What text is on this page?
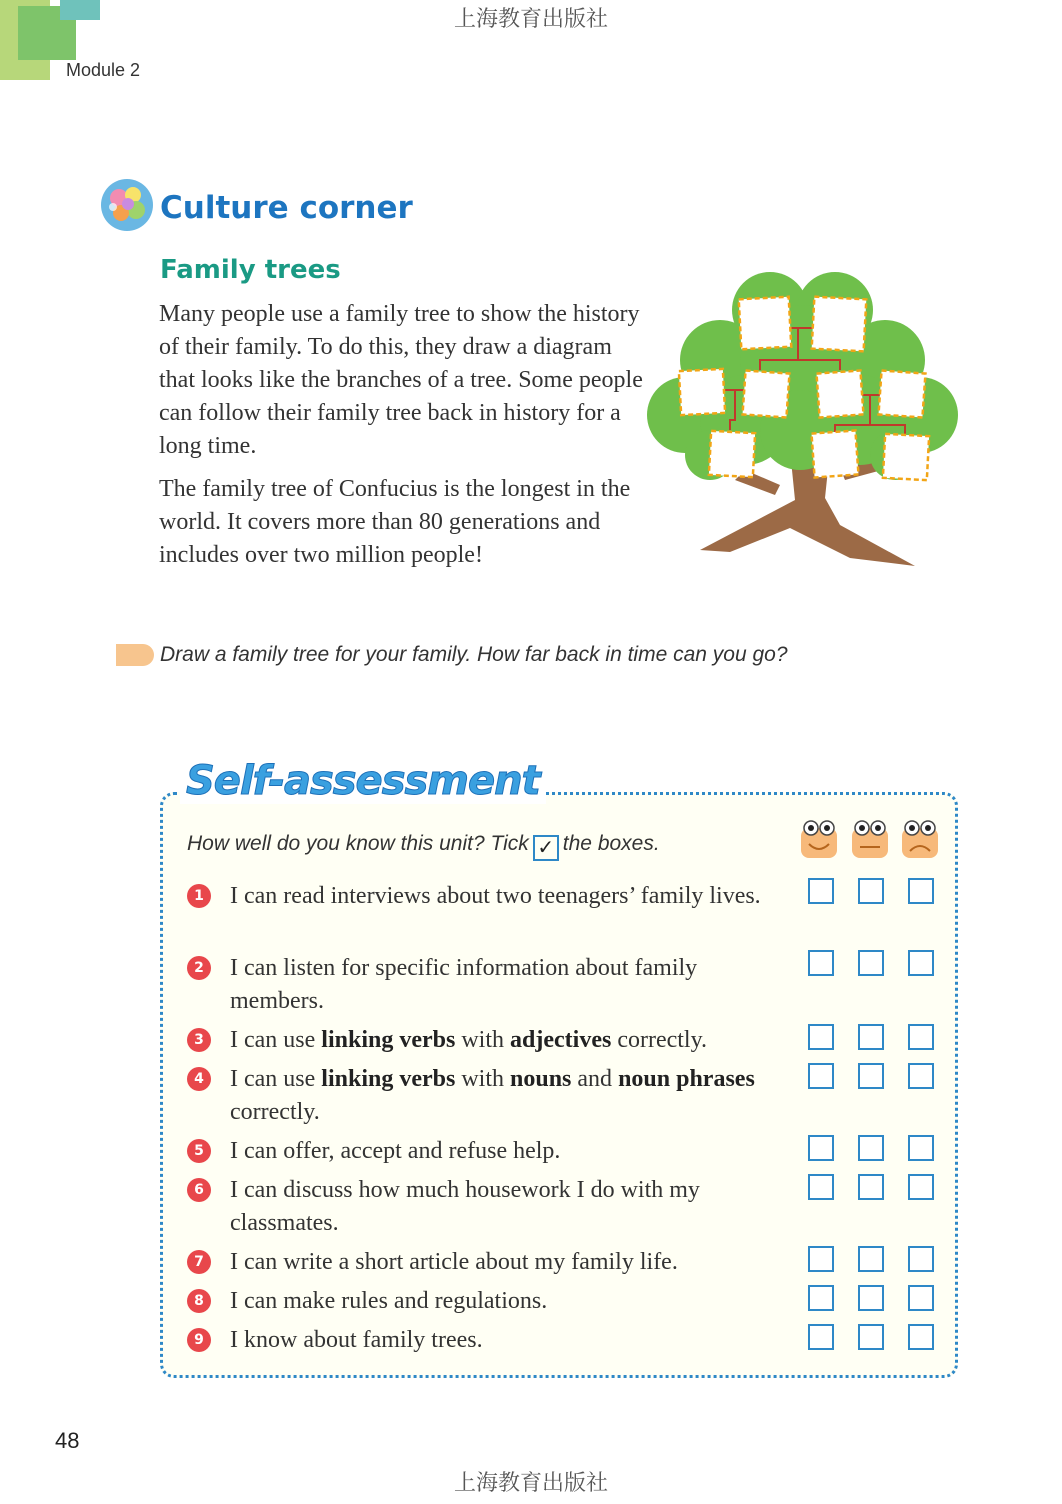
上海教育出版社
Module 2
Culture corner
Family trees
Many people use a family tree to show the history of their family. To do this, they draw a diagram that looks like the branches of a tree. Some people can follow their family tree back in history for a long time.
The family tree of Confucius is the longest in the world. It covers more than 80 generations and includes over two million people!
Draw a family tree for your family. How far back in time can you go?
Self-assessment
How well do you know this unit? Tick ✓ the boxes.
1 I can read interviews about two teenagers’ family lives.
2 I can listen for specific information about family members.
3 I can use linking verbs with adjectives correctly.
4 I can use linking verbs with nouns and noun phrases correctly.
5 I can offer, accept and refuse help.
6 I can discuss how much housework I do with my classmates.
7 I can write a short article about my family life.
8 I can make rules and regulations.
9 I know about family trees.
48
上海教育出版社
